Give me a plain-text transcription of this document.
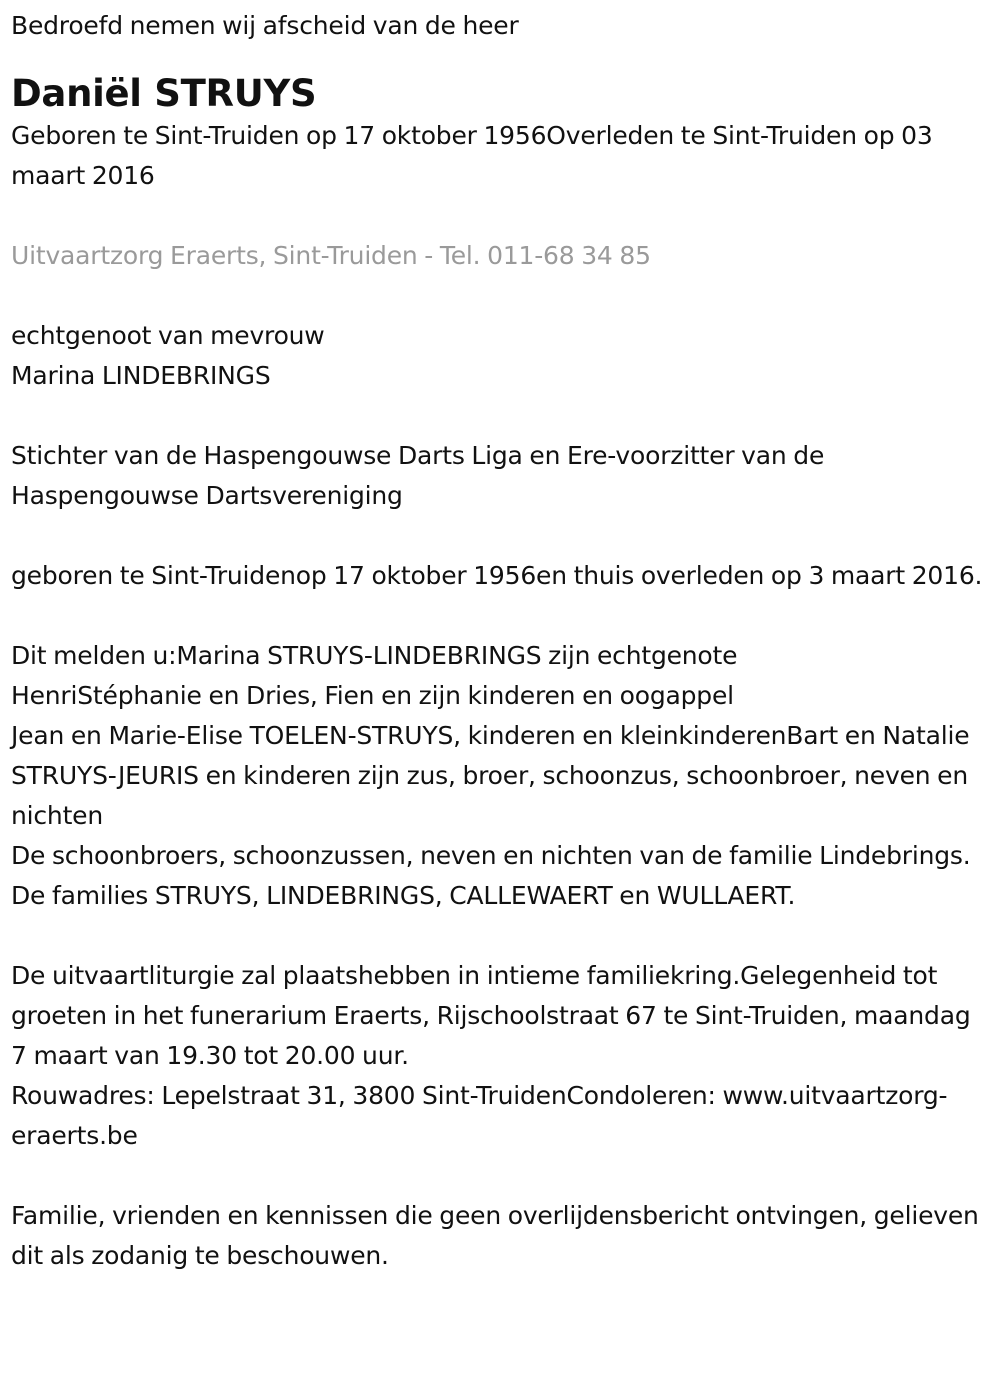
Bedroefd nemen wij afscheid van de heer

Daniël STRUYS

Geboren te Sint-Truiden op 17 oktober 1956Overleden te Sint-Truiden op 03 maart 2016

Uitvaartzorg Eraerts, Sint-Truiden - Tel. 011-68 34 85

echtgenoot van mevrouw

Marina LINDEBRINGS

Stichter van de Haspengouwse Darts Liga en Ere-voorzitter van de Haspengouwse Dartsvereniging

geboren te Sint-Truidenop 17 oktober 1956en thuis overleden op 3 maart 2016.

Dit melden u:Marina STRUYS-LINDEBRINGS zijn echtgenote

HenriStéphanie en Dries, Fien en zijn kinderen en oogappel

Jean en Marie-Elise TOELEN-STRUYS, kinderen en kleinkinderenBart en Natalie STRUYS-JEURIS en kinderen zijn zus, broer, schoonzus, schoonbroer, neven en nichten

De schoonbroers, schoonzussen, neven en nichten van de familie Lindebrings.

De families STRUYS, LINDEBRINGS, CALLEWAERT en WULLAERT.

De uitvaartliturgie zal plaatshebben in intieme familiekring.Gelegenheid tot groeten in het funerarium Eraerts, Rijschoolstraat 67 te Sint-Truiden, maandag 7 maart van 19.30 tot 20.00 uur.

Rouwadres: Lepelstraat 31, 3800 Sint-TruidenCondoleren: www.uitvaartzorg-eraerts.be

Familie, vrienden en kennissen die geen overlijdensbericht ontvingen, gelieven dit als zodanig te beschouwen.
